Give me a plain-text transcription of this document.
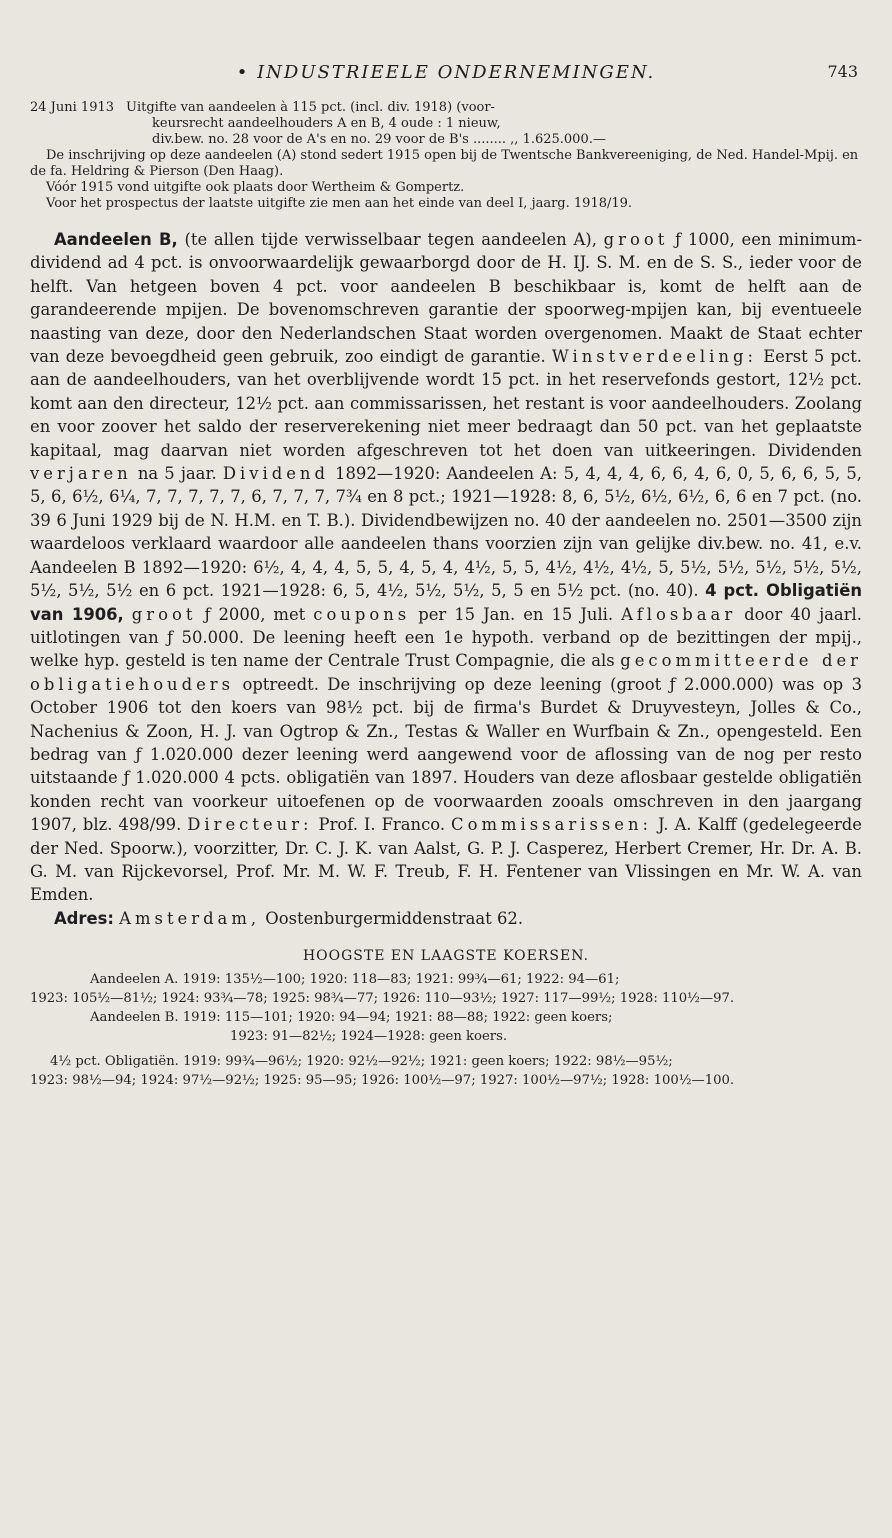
• INDUSTRIEELE ONDERNEMINGEN.	743
24 Juni 1913 Uitgifte van aandeelen à 115 pct. (incl. div. 1918) (voor-
keursrecht aandeelhouders A en B, 4 oude : 1 nieuw,
div.bew. no. 28 voor de A's en no. 29 voor de B's ........ ,, 1.625.000.—
De inschrijving op deze aandeelen (A) stond sedert 1915 open bij de Twentsche Bankvereeniging, de Ned. Handel-Mpij. en de fa. Heldring & Pierson (Den Haag).
Vóór 1915 vond uitgifte ook plaats door Wertheim & Gompertz.
Voor het prospectus der laatste uitgifte zie men aan het einde van deel I, jaarg. 1918/19.

Aandeelen B, (te allen tijde verwisselbaar tegen aandeelen A), groot ƒ 1000, een minimum-dividend ad 4 pct. is onvoorwaardelijk gewaarborgd door de H. IJ. S. M. en de S. S., ieder voor de helft. Van hetgeen boven 4 pct. voor aandeelen B beschikbaar is, komt de helft aan de garandeerende mpijen. De bovenomschreven garantie der spoorweg-mpijen kan, bij eventueele naasting van deze, door den Nederlandschen Staat worden overgenomen. Maakt de Staat echter van deze bevoegdheid geen gebruik, zoo eindigt de garantie. Winstverdeeling: Eerst 5 pct. aan de aandeelhouders, van het overblijvende wordt 15 pct. in het reservefonds gestort, 12½ pct. komt aan den directeur, 12½ pct. aan commissarissen, het restant is voor aandeelhouders. Zoolang en voor zoover het saldo der reserverekening niet meer bedraagt dan 50 pct. van het geplaatste kapitaal, mag daarvan niet worden afgeschreven tot het doen van uitkeeringen. Dividenden verjaren na 5 jaar. Dividend 1892—1920: Aandeelen A: 5, 4, 4, 4, 6, 6, 4, 6, 0, 5, 6, 6, 5, 5, 5, 6, 6½, 6¼, 7, 7, 7, 7, 7, 6, 7, 7, 7, 7¾ en 8 pct.; 1921—1928: 8, 6, 5½, 6½, 6½, 6, 6 en 7 pct. (no. 39 6 Juni 1929 bij de N. H.M. en T. B.). Dividendbewijzen no. 40 der aandeelen no. 2501—3500 zijn waardeloos verklaard waardoor alle aandeelen thans voorzien zijn van gelijke div.bew. no. 41, e.v. Aandeelen B 1892—1920: 6½, 4, 4, 4, 5, 5, 4, 5, 4, 4½, 5, 5, 4½, 4½, 4½, 5, 5½, 5½, 5½, 5½, 5½, 5½, 5½, 5½ en 6 pct. 1921—1928: 6, 5, 4½, 5½, 5½, 5, 5 en 5½ pct. (no. 40). 4 pct. Obligatiën van 1906, groot ƒ 2000, met coupons per 15 Jan. en 15 Juli. Aflosbaar door 40 jaarl. uitlotingen van ƒ 50.000. De leening heeft een 1e hypoth. verband op de bezittingen der mpij., welke hyp. gesteld is ten name der Centrale Trust Compagnie, die als gecommitteerde der obligatiehouders optreedt. De inschrijving op deze leening (groot ƒ 2.000.000) was op 3 October 1906 tot den koers van 98½ pct. bij de firma's Burdet & Druyvesteyn, Jolles & Co., Nachenius & Zoon, H. J. van Ogtrop & Zn., Testas & Waller en Wurfbain & Zn., opengesteld. Een bedrag van ƒ 1.020.000 dezer leening werd aangewend voor de aflossing van de nog per resto uitstaande ƒ 1.020.000 4 pcts. obligatiën van 1897. Houders van deze aflosbaar gestelde obligatiën konden recht van voorkeur uitoefenen op de voorwaarden zooals omschreven in den jaargang 1907, blz. 498/99. Directeur: Prof. I. Franco. Commissarissen: J. A. Kalff (gedelegeerde der Ned. Spoorw.), voorzitter, Dr. C. J. K. van Aalst, G. P. J. Casperez, Herbert Cremer, Hr. Dr. A. B. G. M. van Rijckevorsel, Prof. Mr. M. W. F. Treub, F. H. Fentener van Vlissingen en Mr. W. A. van Emden.

Adres: Amsterdam, Oostenburgermiddenstraat 62.

HOOGSTE EN LAAGSTE KOERSEN.
Aandeelen A. 1919: 135½—100; 1920: 118—83; 1921: 99¾—61; 1922: 94—61;
1923: 105½—81½; 1924: 93¾—78; 1925: 98¾—77; 1926: 110—93½; 1927: 117—99½; 1928: 110½—97.
Aandeelen B. 1919: 115—101; 1920: 94—94; 1921: 88—88; 1922: geen koers;
1923: 91—82½; 1924—1928: geen koers.
4½ pct. Obligatiën. 1919: 99¾—96½; 1920: 92½—92½; 1921: geen koers; 1922: 98½—95½;
1923: 98½—94; 1924: 97½—92½; 1925: 95—95; 1926: 100½—97; 1927: 100½—97½; 1928: 100½—100.
